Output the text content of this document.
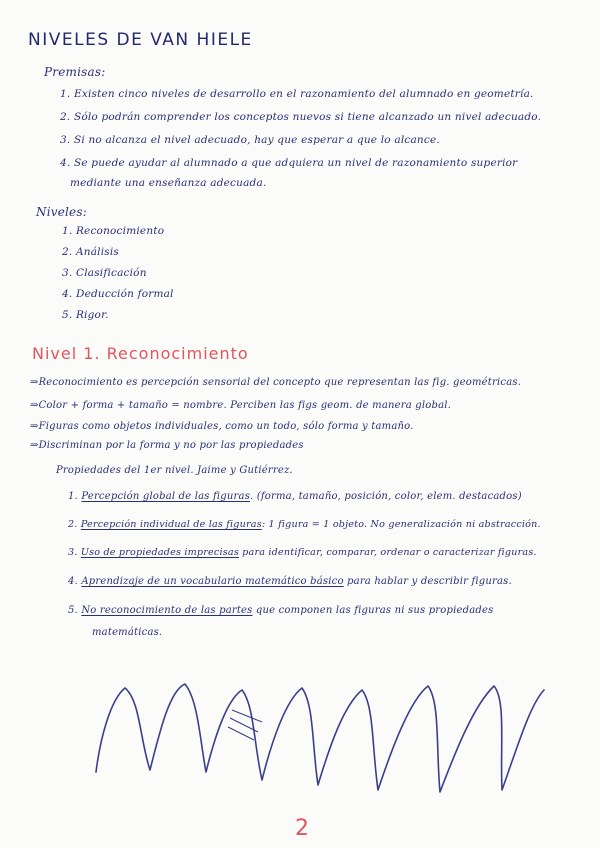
NIVELES DE VAN HIELE
Premisas:
1. Existen cinco niveles de desarrollo en el razonamiento del alumnado en geometría.
2. Sólo podrán comprender los conceptos nuevos si tiene alcanzado un nivel adecuado.
3. Si no alcanza el nivel adecuado, hay que esperar a que lo alcance.
4. Se puede ayudar al alumnado a que adquiera un nivel de razonamiento superior
mediante una enseñanza adecuada.
Niveles:
1. Reconocimiento
2. Análisis
3. Clasificación
4. Deducción formal
5. Rigor.
Nivel 1. Reconocimiento
⇒Reconocimiento es percepción sensorial del concepto que representan las fig. geométricas.
⇒Color + forma + tamaño = nombre. Perciben las figs geom. de manera global.
⇒Figuras como objetos individuales, como un todo, sólo forma y tamaño.
⇒Discriminan por la forma y no por las propiedades
Propiedades del 1er nivel. Jaime y Gutiérrez.
1. Percepción global de las figuras. (forma, tamaño, posición, color, elem. destacados)
2. Percepción individual de las figuras: 1 figura = 1 objeto. No generalización ni abstracción.
3. Uso de propiedades imprecisas para identificar, comparar, ordenar o caracterizar figuras.
4. Aprendizaje de un vocabulario matemático básico para hablar y describir figuras.
5. No reconocimiento de las partes que componen las figuras ni sus propiedades
matemáticas.
2
